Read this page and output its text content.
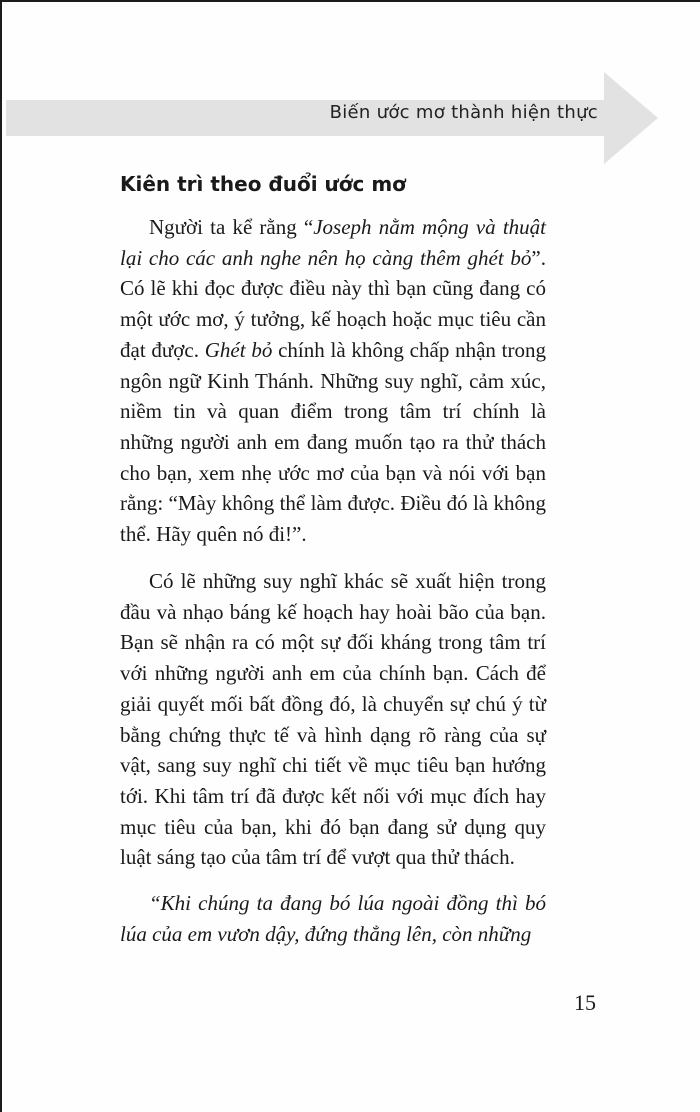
Biến ước mơ thành hiện thực
Kiên trì theo đuổi ước mơ

Người ta kể rằng “Joseph nằm mộng và thuật lại cho các anh nghe nên họ càng thêm ghét bỏ”. Có lẽ khi đọc được điều này thì bạn cũng đang có một ước mơ, ý tưởng, kế hoạch hoặc mục tiêu cần đạt được. Ghét bỏ chính là không chấp nhận trong ngôn ngữ Kinh Thánh. Những suy nghĩ, cảm xúc, niềm tin và quan điểm trong tâm trí chính là những người anh em đang muốn tạo ra thử thách cho bạn, xem nhẹ ước mơ của bạn và nói với bạn rằng: “Mày không thể làm được. Điều đó là không thể. Hãy quên nó đi!”.

Có lẽ những suy nghĩ khác sẽ xuất hiện trong đầu và nhạo báng kế hoạch hay hoài bão của bạn. Bạn sẽ nhận ra có một sự đối kháng trong tâm trí với những người anh em của chính bạn. Cách để giải quyết mối bất đồng đó, là chuyển sự chú ý từ bằng chứng thực tế và hình dạng rõ ràng của sự vật, sang suy nghĩ chi tiết về mục tiêu bạn hướng tới. Khi tâm trí đã được kết nối với mục đích hay mục tiêu của bạn, khi đó bạn đang sử dụng quy luật sáng tạo của tâm trí để vượt qua thử thách.

“Khi chúng ta đang bó lúa ngoài đồng thì bó lúa của em vươn dậy, đứng thẳng lên, còn những

15
